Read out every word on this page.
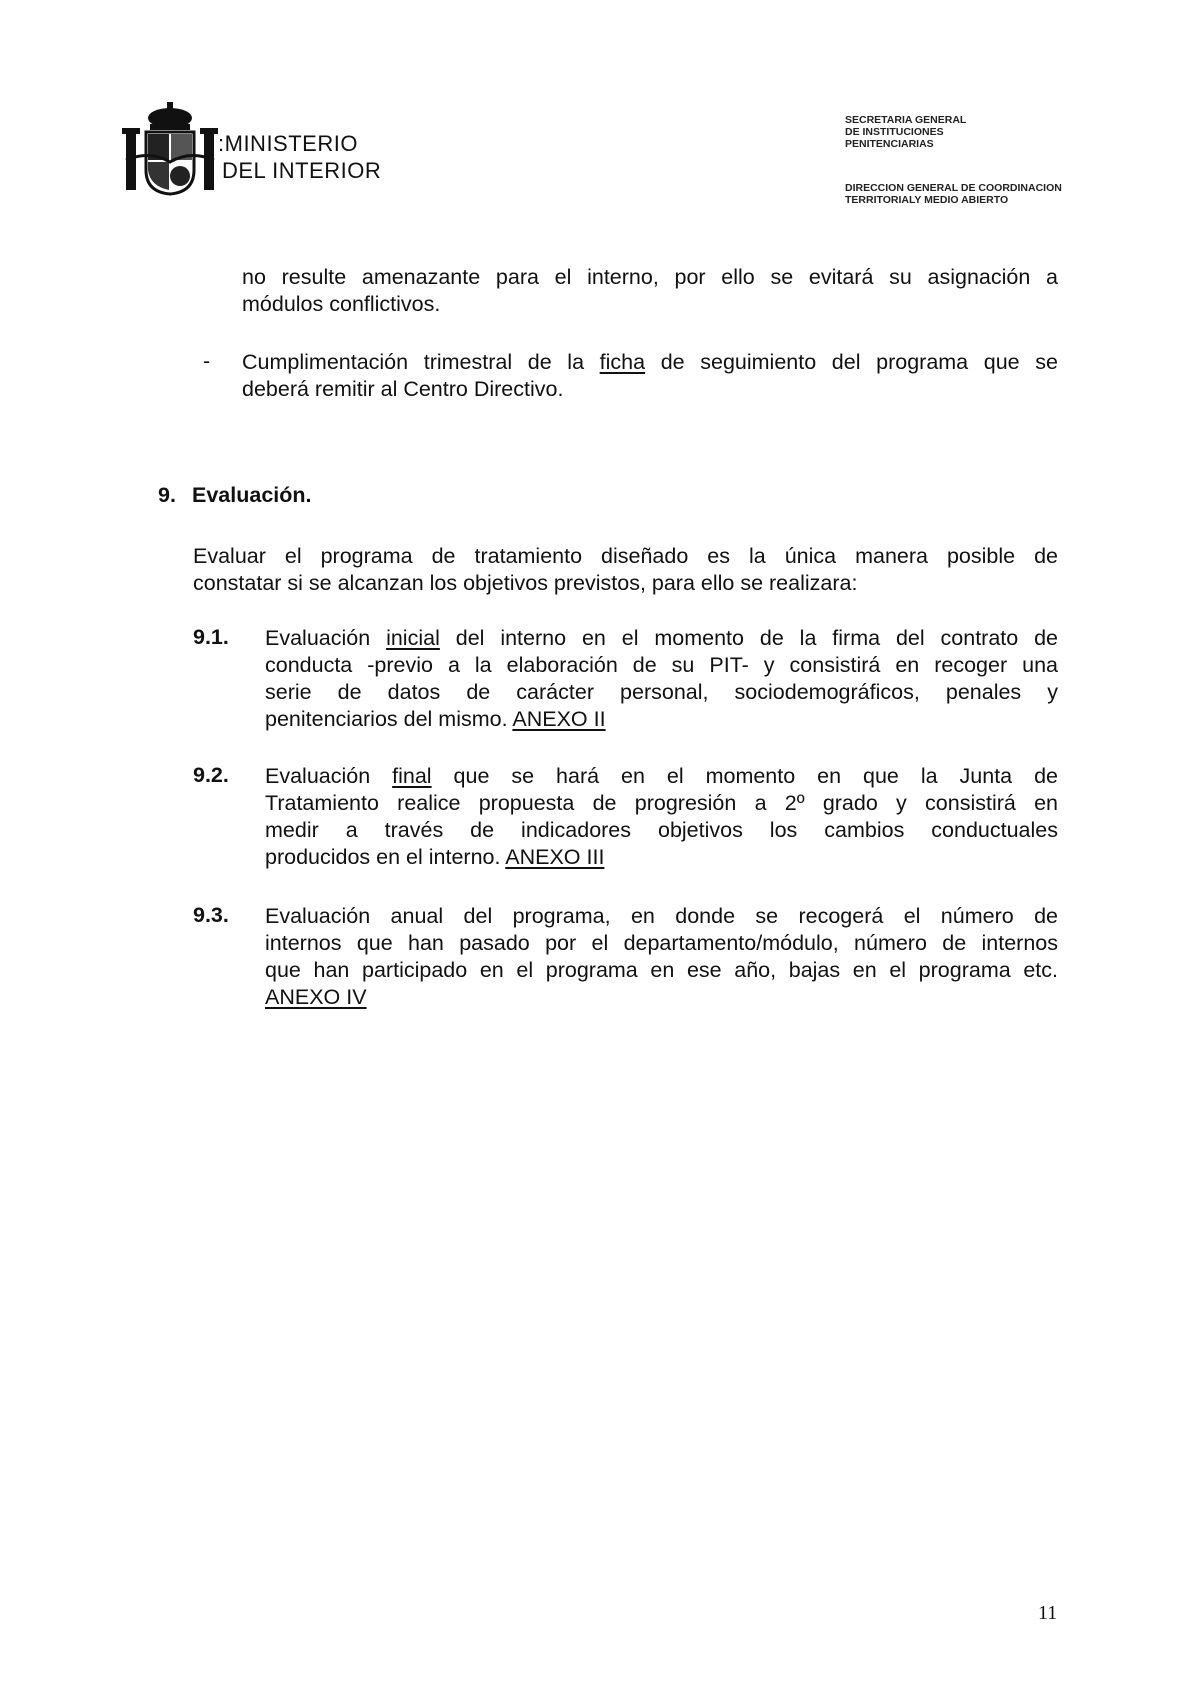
:MINISTERIO
DEL INTERIOR
SECRETARIA GENERAL
DE INSTITUCIONES
PENITENCIARIAS
DIRECCION GENERAL DE COORDINACION
TERRITORIALY MEDIO ABIERTO
no resulte amenazante para el interno, por ello se evitará su asignación a
módulos conflictivos.
- Cumplimentación trimestral de la ficha de seguimiento del programa que se
deberá remitir al Centro Directivo.
9. Evaluación.
Evaluar el programa de tratamiento diseñado es la única manera posible de
constatar si se alcanzan los objetivos previstos, para ello se realizara:
9.1. Evaluación inicial del interno en el momento de la firma del contrato de
conducta -previo a la elaboración de su PIT- y consistirá en recoger una
serie de datos de carácter personal, sociodemográficos, penales y
penitenciarios del mismo. ANEXO II
9.2. Evaluación final que se hará en el momento en que la Junta de
Tratamiento realice propuesta de progresión a 2º grado y consistirá en
medir a través de indicadores objetivos los cambios conductuales
producidos en el interno. ANEXO III
9.3. Evaluación anual del programa, en donde se recogerá el número de
internos que han pasado por el departamento/módulo, número de internos
que han participado en el programa en ese año, bajas en el programa etc.
ANEXO IV
11
